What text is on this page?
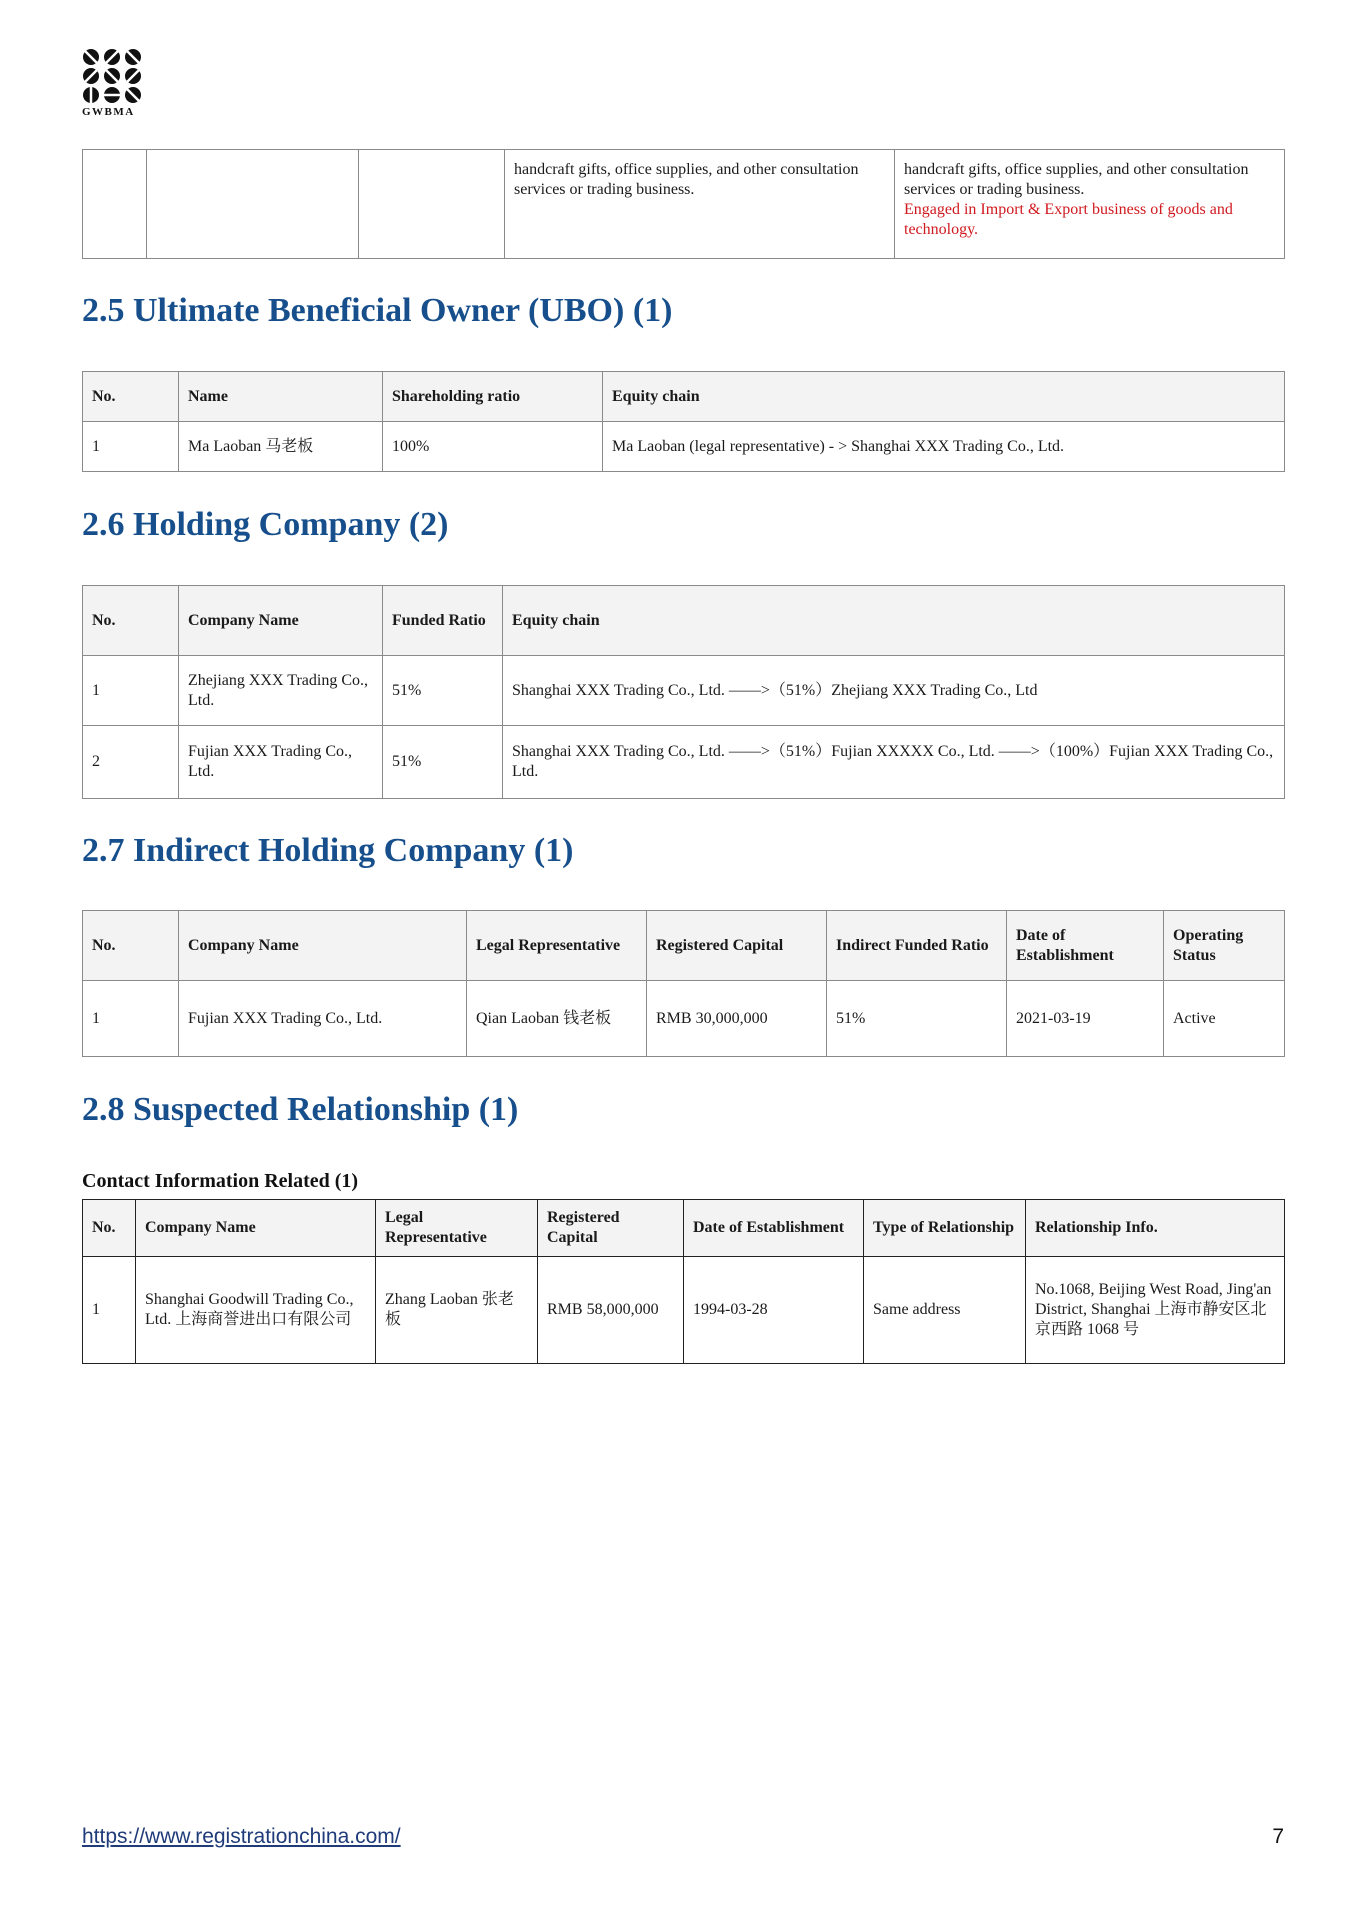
GWBMA
			handcraft gifts, office supplies, and other consultation services or trading business.	handcraft gifts, office supplies, and other consultation services or trading business.
Engaged in Import & Export business of goods and technology.
2.5 Ultimate Beneficial Owner (UBO) (1)
No.	Name	Shareholding ratio	Equity chain
1	Ma Laoban 马老板	100%	Ma Laoban (legal representative) - > Shanghai XXX Trading Co., Ltd.
2.6 Holding Company (2)
No.	Company Name	Funded Ratio	Equity chain
1	Zhejiang XXX Trading Co., Ltd.	51%	Shanghai XXX Trading Co., Ltd. ——>（51%）Zhejiang XXX Trading Co., Ltd
2	Fujian XXX Trading Co., Ltd.	51%	Shanghai XXX Trading Co., Ltd. ——>（51%）Fujian XXXXX Co., Ltd. ——>（100%）Fujian XXX Trading Co., Ltd.
2.7 Indirect Holding Company (1)
No.	Company Name	Legal Representative	Registered Capital	Indirect Funded Ratio	Date of Establishment	Operating Status
1	Fujian XXX Trading Co., Ltd.	Qian Laoban 钱老板	RMB 30,000,000	51%	2021-03-19	Active
2.8 Suspected Relationship (1)
Contact Information Related (1)
No.	Company Name	Legal Representative	Registered Capital	Date of Establishment	Type of Relationship	Relationship Info.
1	Shanghai Goodwill Trading Co., Ltd. 上海商誉进出口有限公司	Zhang Laoban 张老板	RMB 58,000,000	1994-03-28	Same address	No.1068, Beijing West Road, Jing'an District, Shanghai 上海市静安区北京西路 1068 号
https://www.registrationchina.com/	7
